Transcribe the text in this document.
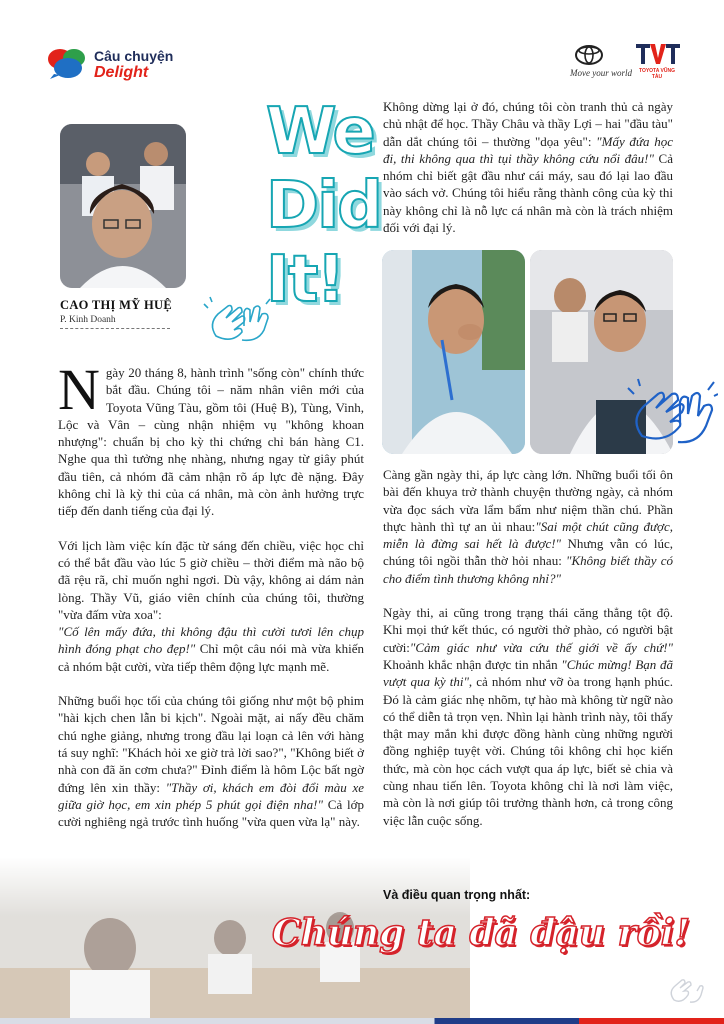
Câu chuyện
Delight	Move your world	TOYOTA VŨNG TÀU
CAO THỊ MỸ HUỆ
P. Kinh Doanh
We
Did
It!

Ngày 20 tháng 8, hành trình "sống còn" chính thức bắt đầu. Chúng tôi – năm nhân viên mới của Toyota Vũng Tàu, gồm tôi (Huệ B), Tùng, Vinh, Lộc và Vân – cùng nhận nhiệm vụ "không khoan nhượng": chuẩn bị cho kỳ thi chứng chỉ bán hàng C1. Nghe qua thì tưởng nhẹ nhàng, nhưng ngay từ giây phút đầu tiên, cả nhóm đã cảm nhận rõ áp lực đè nặng. Đây không chỉ là kỳ thi của cá nhân, mà còn ảnh hưởng trực tiếp đến danh tiếng của đại lý.

Với lịch làm việc kín đặc từ sáng đến chiều, việc học chỉ có thể bắt đầu vào lúc 5 giờ chiều – thời điểm mà não bộ đã rệu rã, chỉ muốn nghỉ ngơi. Dù vậy, không ai dám nản lòng. Thầy Vũ, giáo viên chính của chúng tôi, thường "vừa đấm vừa xoa":
"Cố lên mấy đứa, thi không đậu thì cười tươi lên chụp hình đóng phạt cho đẹp!" Chỉ một câu nói mà vừa khiến cả nhóm bật cười, vừa tiếp thêm động lực mạnh mẽ.

Những buổi học tối của chúng tôi giống như một bộ phim "hài kịch chen lẫn bi kịch". Ngoài mặt, ai nấy đều chăm chú nghe giảng, nhưng trong đầu lại loạn cả lên với hàng tá suy nghĩ: "Khách hỏi xe giờ trả lời sao?", "Không biết ở nhà con đã ăn cơm chưa?" Đỉnh điểm là hôm Lộc bất ngờ đứng lên xin thầy: "Thầy ơi, khách em đòi đổi màu xe giữa giờ học, em xin phép 5 phút gọi điện nha!" Cả lớp cười nghiêng ngả trước tình huống "vừa quen vừa lạ" này.

Không dừng lại ở đó, chúng tôi còn tranh thủ cả ngày chủ nhật để học. Thầy Châu và thầy Lợi – hai "đầu tàu" dẫn dắt chúng tôi – thường "dọa yêu": "Mấy đứa học đi, thi không qua thì tụi thầy không cứu nổi đâu!" Cả nhóm chỉ biết gật đầu như cái máy, sau đó lại lao đầu vào sách vở. Chúng tôi hiểu rằng thành công của kỳ thi này không chỉ là nỗ lực cá nhân mà còn là trách nhiệm đối với đại lý.

Càng gần ngày thi, áp lực càng lớn. Những buổi tối ôn bài đến khuya trở thành chuyện thường ngày, cả nhóm vừa đọc sách vừa lẩm bẩm như niệm thần chú. Phần thực hành thì tự an ủi nhau:"Sai một chút cũng được, miễn là đừng sai hết là được!" Nhưng vẫn có lúc, chúng tôi ngồi thẫn thờ hỏi nhau: "Không biết thầy có cho điểm tình thương không nhỉ?"

Ngày thi, ai cũng trong trạng thái căng thẳng tột độ. Khi mọi thứ kết thúc, có người thở phào, có người bật cười:"Cảm giác như vừa cứu thế giới về ấy chứ!" Khoảnh khắc nhận được tin nhắn "Chúc mừng! Bạn đã vượt qua kỳ thi", cả nhóm như vỡ òa trong hạnh phúc. Đó là cảm giác nhẹ nhõm, tự hào mà không từ ngữ nào có thể diễn tả trọn vẹn. Nhìn lại hành trình này, tôi thấy thật may mắn khi được đồng hành cùng những người đồng nghiệp tuyệt vời. Chúng tôi không chỉ học kiến thức, mà còn học cách vượt qua áp lực, biết sẻ chia và cùng nhau tiến lên. Toyota không chỉ là nơi làm việc, mà còn là nơi giúp tôi trưởng thành hơn, cả trong công việc lẫn cuộc sống.

Và điều quan trọng nhất:
Chúng ta đã đậu rồi!
